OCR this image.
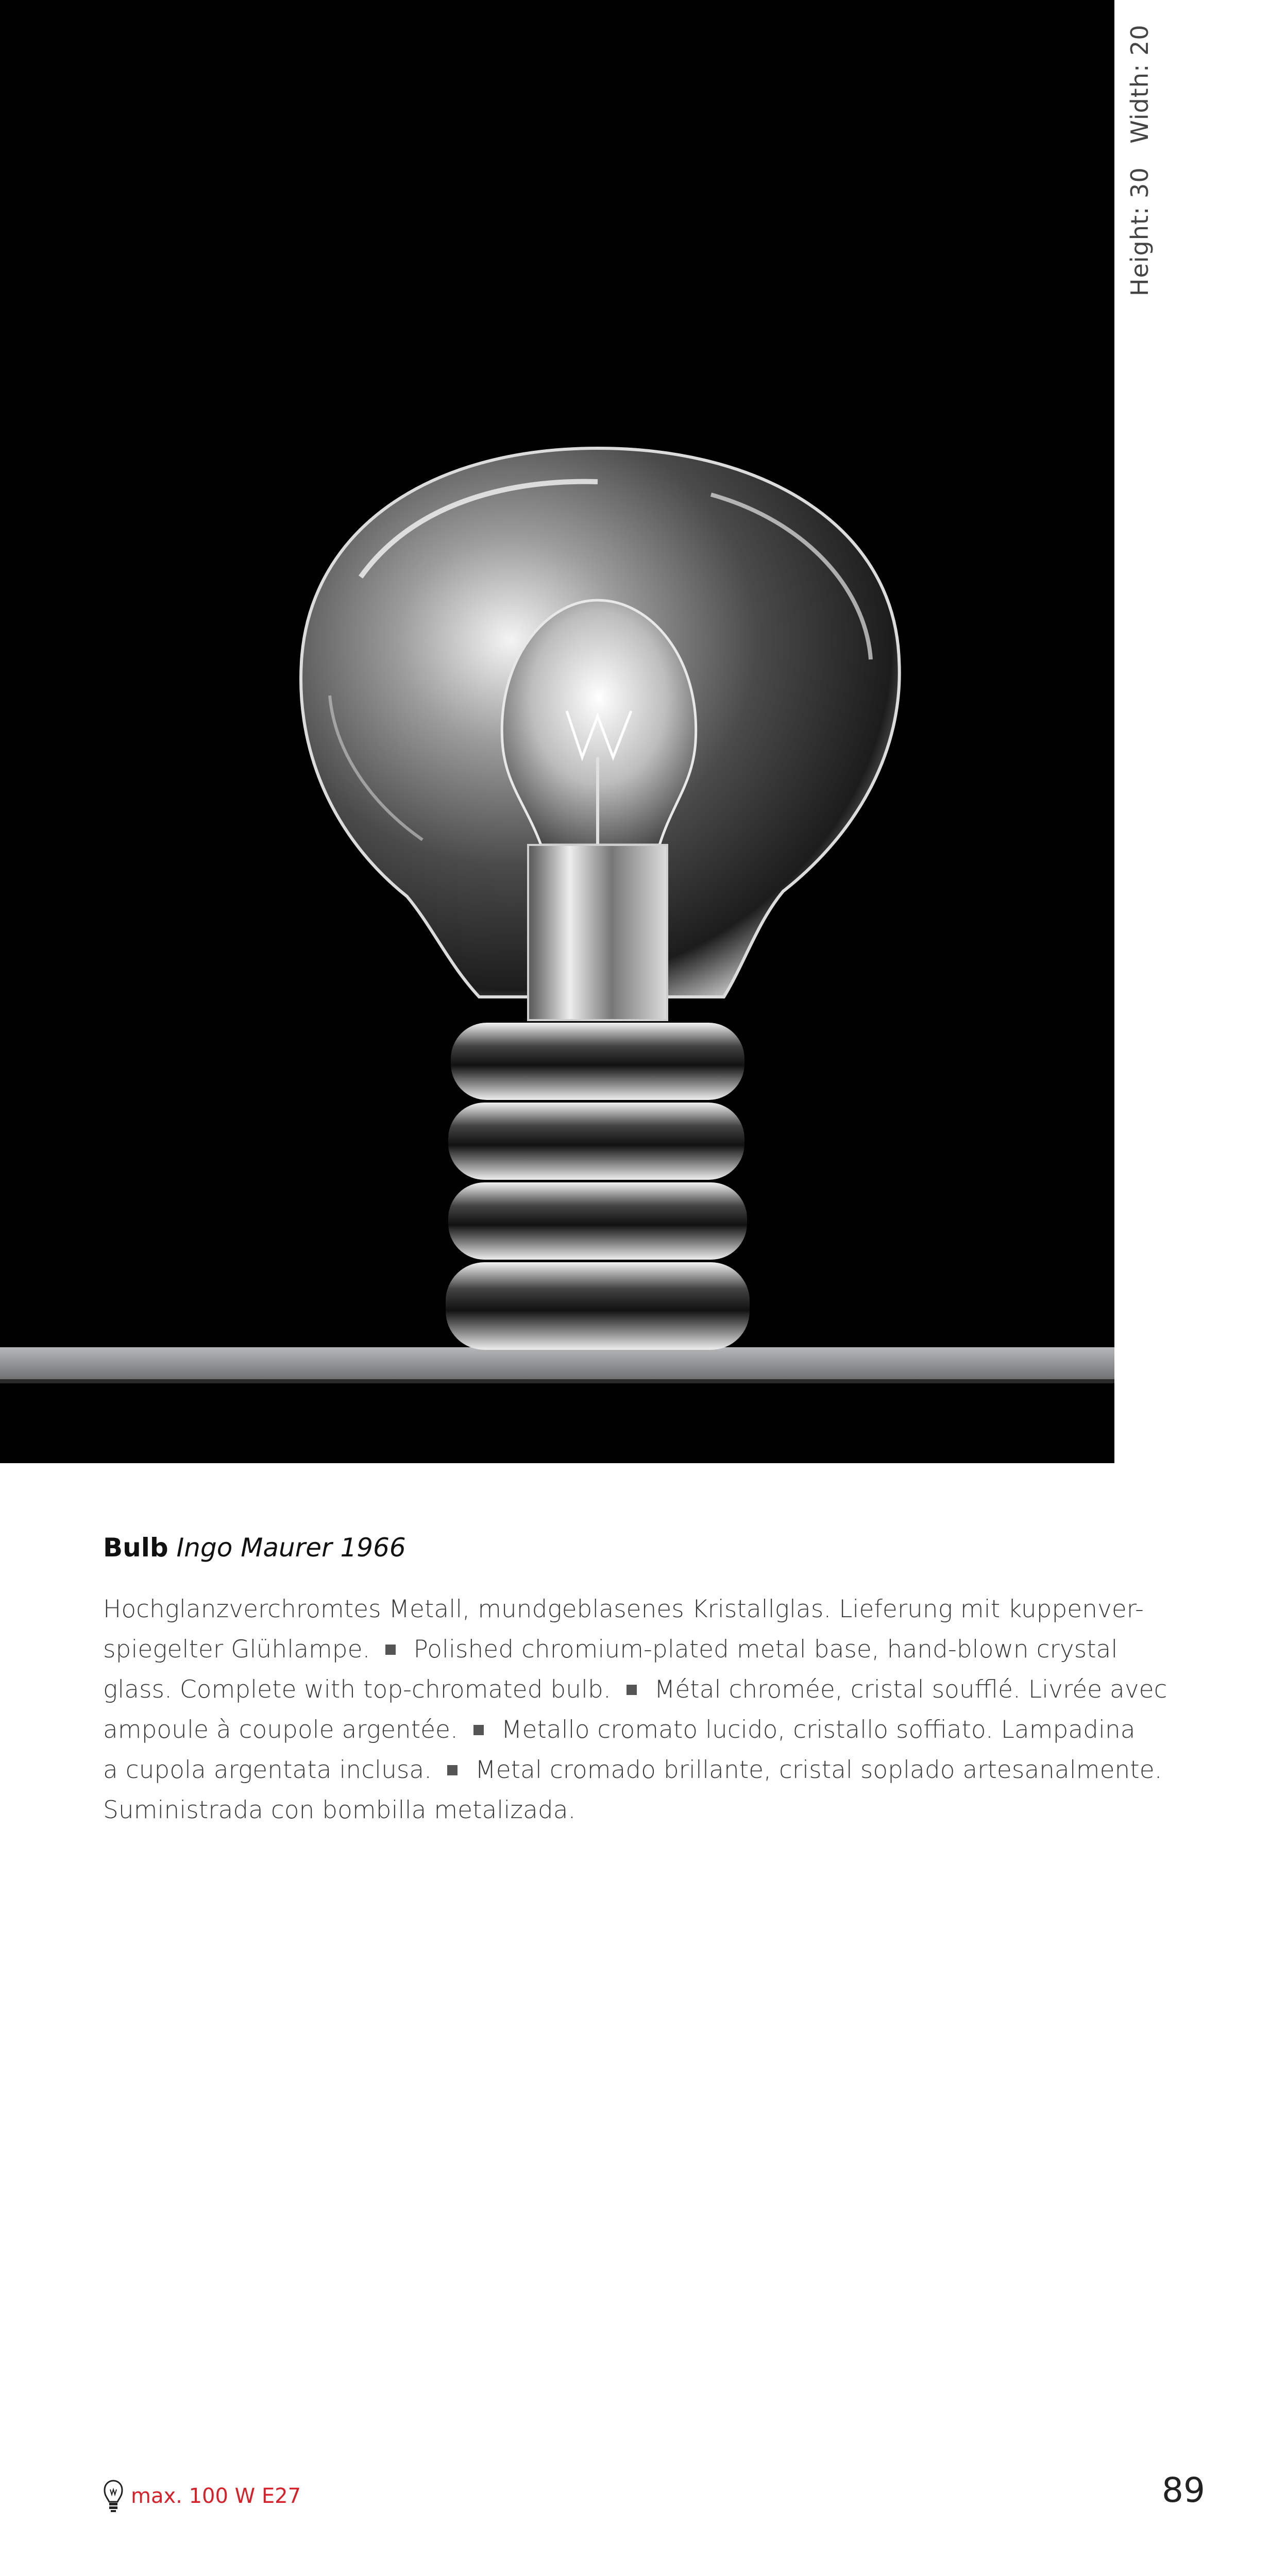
Height: 30 Width: 20
Bulb Ingo Maurer 1966
Hochglanzverchromtes Metall, mundgeblasenes Kristallglas. Lieferung mit kuppenver-
spiegelter Glühlampe. Polished chromium-plated metal base, hand-blown crystal
glass. Complete with top-chromated bulb. Métal chromée, cristal soufflé. Livrée avec
ampoule à coupole argentée. Metallo cromato lucido, cristallo soffiato. Lampadina
a cupola argentata inclusa. Metal cromado brillante, cristal soplado artesanalmente.
Suministrada con bombilla metalizada.
max. 100 W E27	89
